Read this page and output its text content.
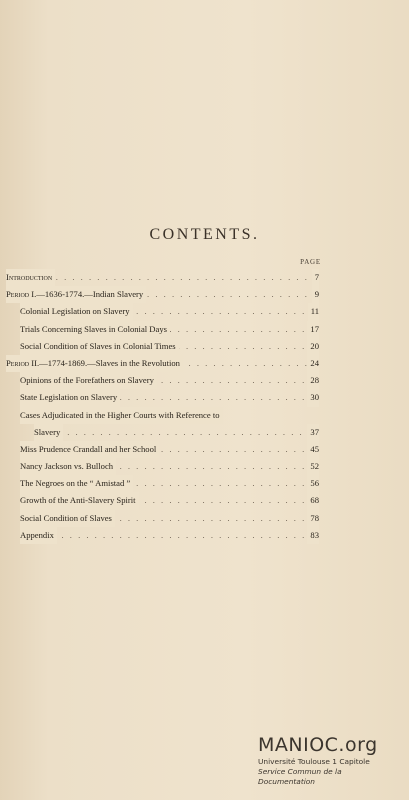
CONTENTS.
PAGE
. . .
Introduction	7
. . .
Period I.—1636-1774.—Indian Slavery	9
. . .
Colonial Legislation on Slavery	11
. . .
Trials Concerning Slaves in Colonial Days	17
. . .
Social Condition of Slaves in Colonial Times	20
. . .
Period II.—1774-1869.—Slaves in the Revolution	24
. . .
Opinions of the Forefathers on Slavery	28
. . .
State Legislation on Slavery	30
Cases Adjudicated in the Higher Courts with Reference to
. . .
Slavery	37
. . .
Miss Prudence Crandall and her School	45
. . .
Nancy Jackson vs. Bulloch	52
. . .
The Negroes on the “ Amistad ”	56
. . .
Growth of the Anti-Slavery Spirit	68
. . .
Social Condition of Slaves	78
. . .
Appendix	83
MANIOC.org
Université Toulouse 1 Capitole
Service Commun de la Documentation
